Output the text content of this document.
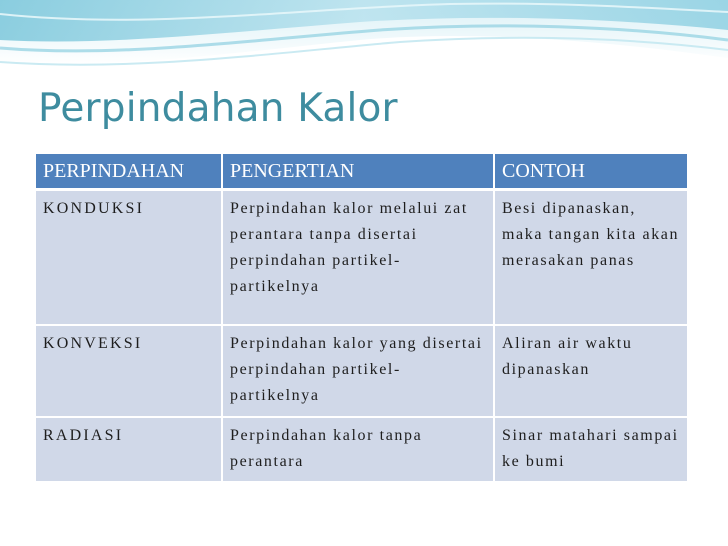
Perpindahan Kalor
PERPINDAHAN	PENGERTIAN	CONTOH
KONDUKSI	Perpindahan kalor melalui zat perantara tanpa disertai perpindahan partikel-partikelnya	Besi dipanaskan, maka tangan kita akan merasakan panas
KONVEKSI	Perpindahan kalor yang disertai perpindahan partikel-partikelnya	Aliran air waktu dipanaskan
RADIASI	Perpindahan kalor tanpa perantara	Sinar matahari sampai ke bumi
